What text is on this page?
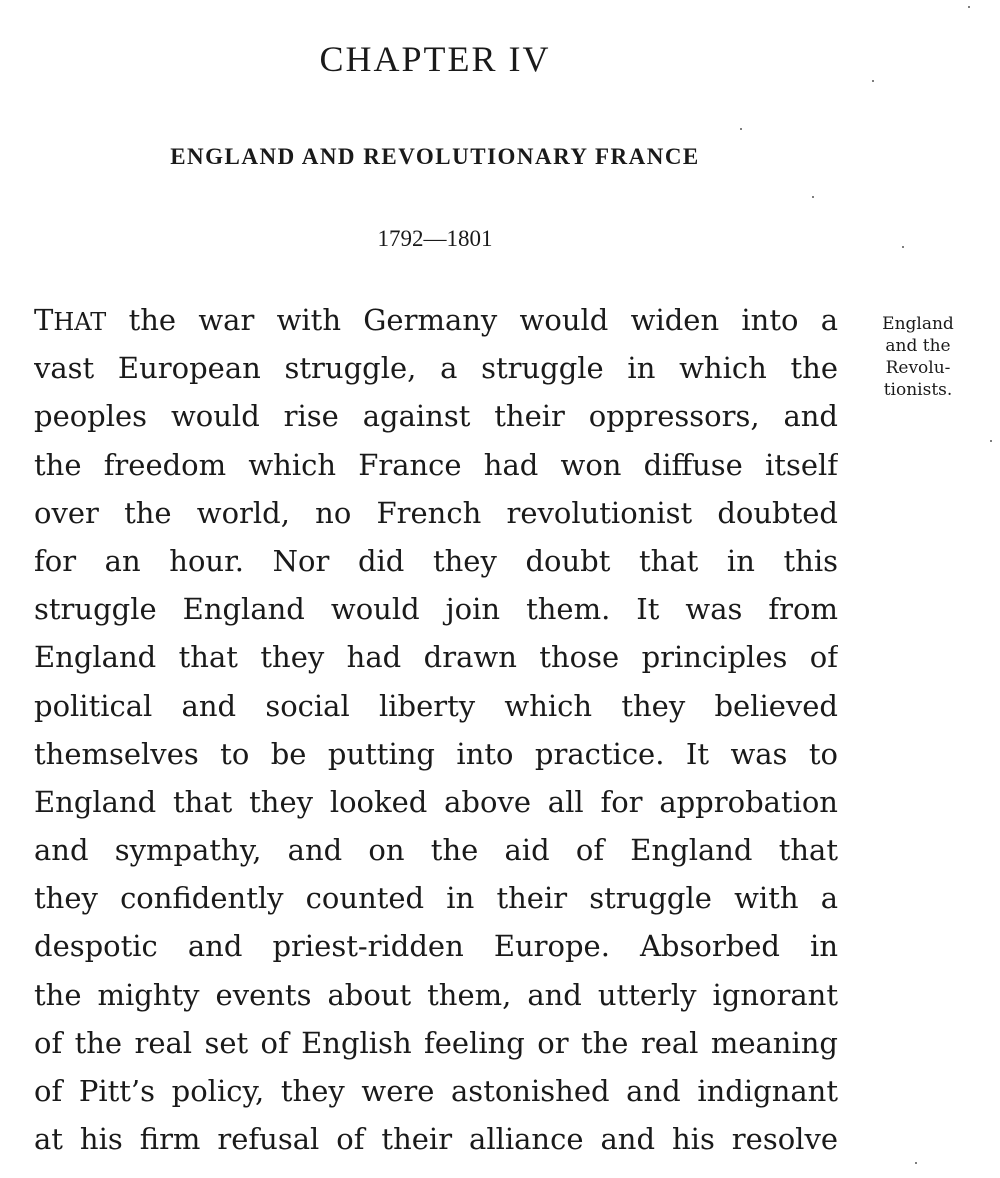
CHAPTER IV
ENGLAND AND REVOLUTIONARY FRANCE
1792—1801
THAT the war with Germany would widen into a
vast European struggle, a struggle in which the
peoples would rise against their oppressors, and
the freedom which France had won diffuse itself
over the world, no French revolutionist doubted
for an hour. Nor did they doubt that in this
struggle England would join them. It was from
England that they had drawn those principles of
political and social liberty which they believed
themselves to be putting into practice. It was to
England that they looked above all for approbation
and sympathy, and on the aid of England that
they confidently counted in their struggle with a
despotic and priest-ridden Europe. Absorbed in
the mighty events about them, and utterly ignorant
of the real set of English feeling or the real meaning
of Pitt’s policy, they were astonished and indignant
at his firm refusal of their alliance and his resolve
England
and the
Revolu-
tionists.
